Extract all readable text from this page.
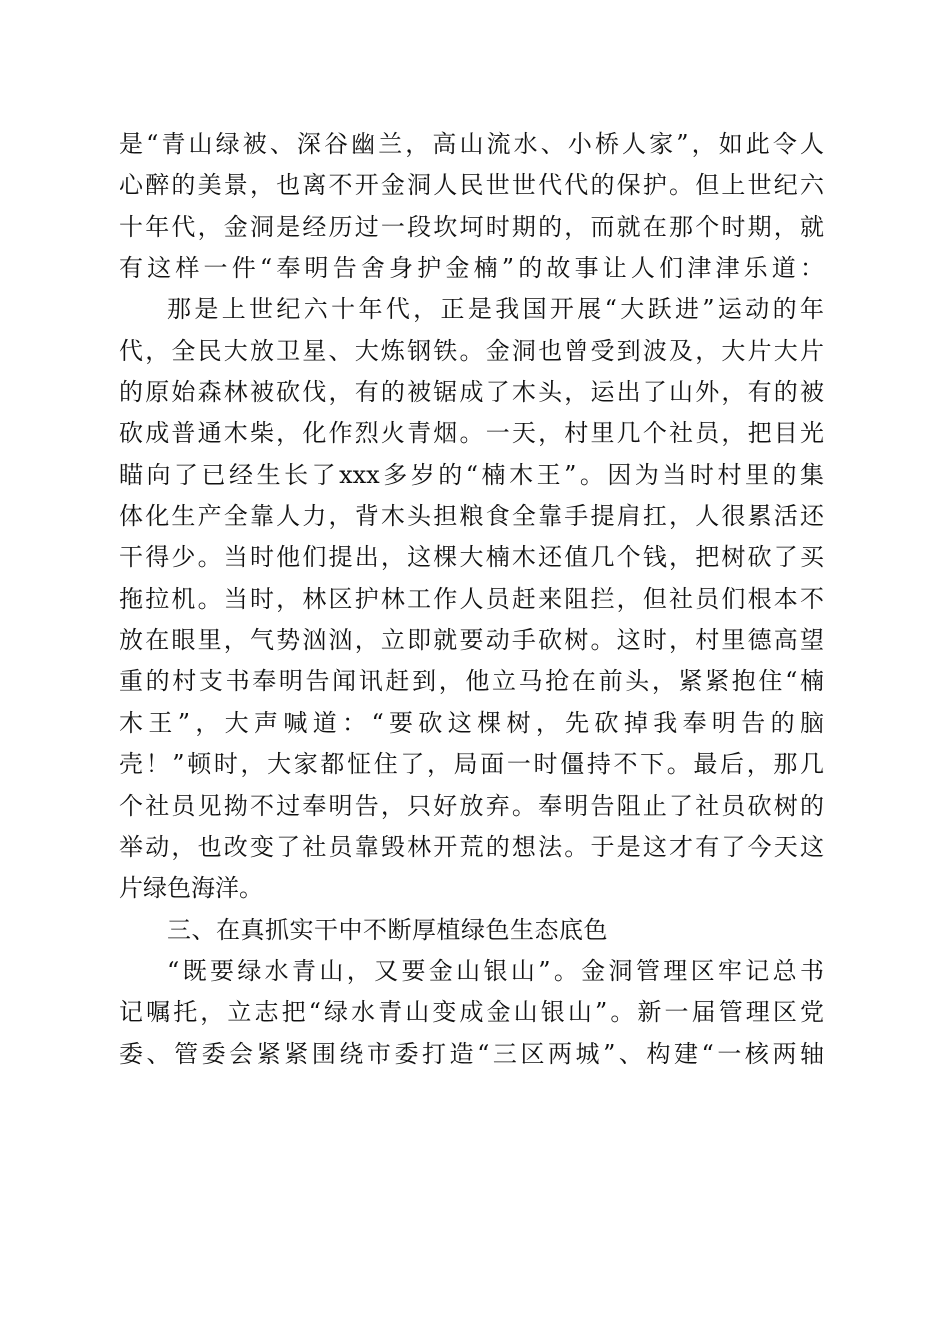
是“青山绿被、深谷幽兰，高山流水、小桥人家”，如此令人
心醉的美景，也离不开金洞人民世世代代的保护。但上世纪六
十年代，金洞是经历过一段坎坷时期的，而就在那个时期，就
有这样一件“奉明告舍身护金楠”的故事让人们津津乐道：
那是上世纪六十年代，正是我国开展“大跃进”运动的年
代，全民大放卫星、大炼钢铁。金洞也曾受到波及，大片大片
的原始森林被砍伐，有的被锯成了木头，运出了山外，有的被
砍成普通木柴，化作烈火青烟。一天，村里几个社员，把目光
瞄向了已经生长了xxx多岁的“楠木王”。因为当时村里的集
体化生产全靠人力，背木头担粮食全靠手提肩扛，人很累活还
干得少。当时他们提出，这棵大楠木还值几个钱，把树砍了买
拖拉机。当时，林区护林工作人员赶来阻拦，但社员们根本不
放在眼里，气势汹汹，立即就要动手砍树。这时，村里德高望
重的村支书奉明告闻讯赶到，他立马抢在前头，紧紧抱住“楠
木王”，大声喊道：“要砍这棵树，先砍掉我奉明告的脑
壳！”顿时，大家都怔住了，局面一时僵持不下。最后，那几
个社员见拗不过奉明告，只好放弃。奉明告阻止了社员砍树的
举动，也改变了社员靠毁林开荒的想法。于是这才有了今天这
片绿色海洋。
三、在真抓实干中不断厚植绿色生态底色
“既要绿水青山，又要金山银山”。金洞管理区牢记总书
记嘱托，立志把“绿水青山变成金山银山”。新一届管理区党
委、管委会紧紧围绕市委打造“三区两城”、构建“一核两轴
